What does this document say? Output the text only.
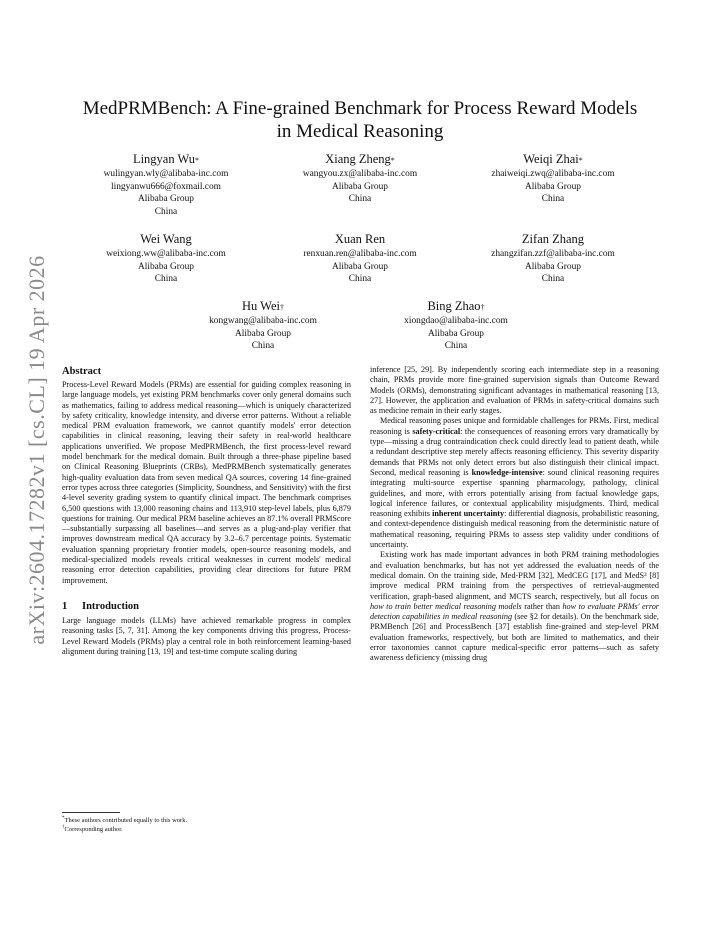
arXiv:2604.17282v1 [cs.CL] 19 Apr 2026
MedPRMBench: A Fine-grained Benchmark for Process Reward Models
in Medical Reasoning
Lingyan Wu*
wulingyan.wly@alibaba-inc.com
lingyanwu666@foxmail.com
Alibaba Group
China
Xiang Zheng*
wangyou.zx@alibaba-inc.com
Alibaba Group
China
Weiqi Zhai*
zhaiweiqi.zwq@alibaba-inc.com
Alibaba Group
China
Wei Wang
weixiong.ww@alibaba-inc.com
Alibaba Group
China
Xuan Ren
renxuan.ren@alibaba-inc.com
Alibaba Group
China
Zifan Zhang
zhangzifan.zzf@alibaba-inc.com
Alibaba Group
China
Hu Wei†
kongwang@alibaba-inc.com
Alibaba Group
China
Bing Zhao†
xiongdao@alibaba-inc.com
Alibaba Group
China
Abstract

Process-Level Reward Models (PRMs) are essential for guiding complex reasoning in large language models, yet existing PRM benchmarks cover only general domains such as mathematics, failing to address medical reasoning—which is uniquely characterized by safety criticality, knowledge intensity, and diverse error patterns. Without a reliable medical PRM evaluation framework, we cannot quantify models' error detection capabilities in clinical reasoning, leaving their safety in real-world healthcare applications unverified. We propose MedPRMBench, the first process-level reward model benchmark for the medical domain. Built through a three-phase pipeline based on Clinical Reasoning Blueprints (CRBs), MedPRMBench systematically generates high-quality evaluation data from seven medical QA sources, covering 14 fine-grained error types across three categories (Simplicity, Soundness, and Sensitivity) with the first 4-level severity grading system to quantify clinical impact. The benchmark comprises 6,500 questions with 13,000 reasoning chains and 113,910 step-level labels, plus 6,879 questions for training. Our medical PRM baseline achieves an 87.1% overall PRMScore—substantially surpassing all baselines—and serves as a plug-and-play verifier that improves downstream medical QA accuracy by 3.2–6.7 percentage points. Systematic evaluation spanning proprietary frontier models, open-source reasoning models, and medical-specialized models reveals critical weaknesses in current models' medical reasoning error detection capabilities, providing clear directions for future PRM improvement.

1 Introduction

Large language models (LLMs) have achieved remarkable progress in complex reasoning tasks [5, 7, 31]. Among the key components driving this progress, Process-Level Reward Models (PRMs) play a central role in both reinforcement learning-based alignment during training [13, 19] and test-time compute scaling during

inference [25, 29]. By independently scoring each intermediate step in a reasoning chain, PRMs provide more fine-grained supervision signals than Outcome Reward Models (ORMs), demonstrating significant advantages in mathematical reasoning [13, 27]. However, the application and evaluation of PRMs in safety-critical domains such as medicine remain in their early stages.

Medical reasoning poses unique and formidable challenges for PRMs. First, medical reasoning is safety-critical: the consequences of reasoning errors vary dramatically by type—missing a drug contraindication check could directly lead to patient death, while a redundant descriptive step merely affects reasoning efficiency. This severity disparity demands that PRMs not only detect errors but also distinguish their clinical impact. Second, medical reasoning is knowledge-intensive: sound clinical reasoning requires integrating multi-source expertise spanning pharmacology, pathology, clinical guidelines, and more, with errors potentially arising from factual knowledge gaps, logical inference failures, or contextual applicability misjudgments. Third, medical reasoning exhibits inherent uncertainty: differential diagnosis, probabilistic reasoning, and context-dependence distinguish medical reasoning from the deterministic nature of mathematical reasoning, requiring PRMs to assess step validity under conditions of uncertainty.

Existing work has made important advances in both PRM training methodologies and evaluation benchmarks, but has not yet addressed the evaluation needs of the medical domain. On the training side, Med-PRM [32], MedCEG [17], and MedS³ [8] improve medical PRM training from the perspectives of retrieval-augmented verification, graph-based alignment, and MCTS search, respectively, but all focus on how to train better medical reasoning models rather than how to evaluate PRMs' error detection capabilities in medical reasoning (see §2 for details). On the benchmark side, PRMBench [26] and ProcessBench [37] establish fine-grained and step-level PRM evaluation frameworks, respectively, but both are limited to mathematics, and their error taxonomies cannot capture medical-specific error patterns—such as safety awareness deficiency (missing drug

*These authors contributed equally to this work.
†Corresponding author.
